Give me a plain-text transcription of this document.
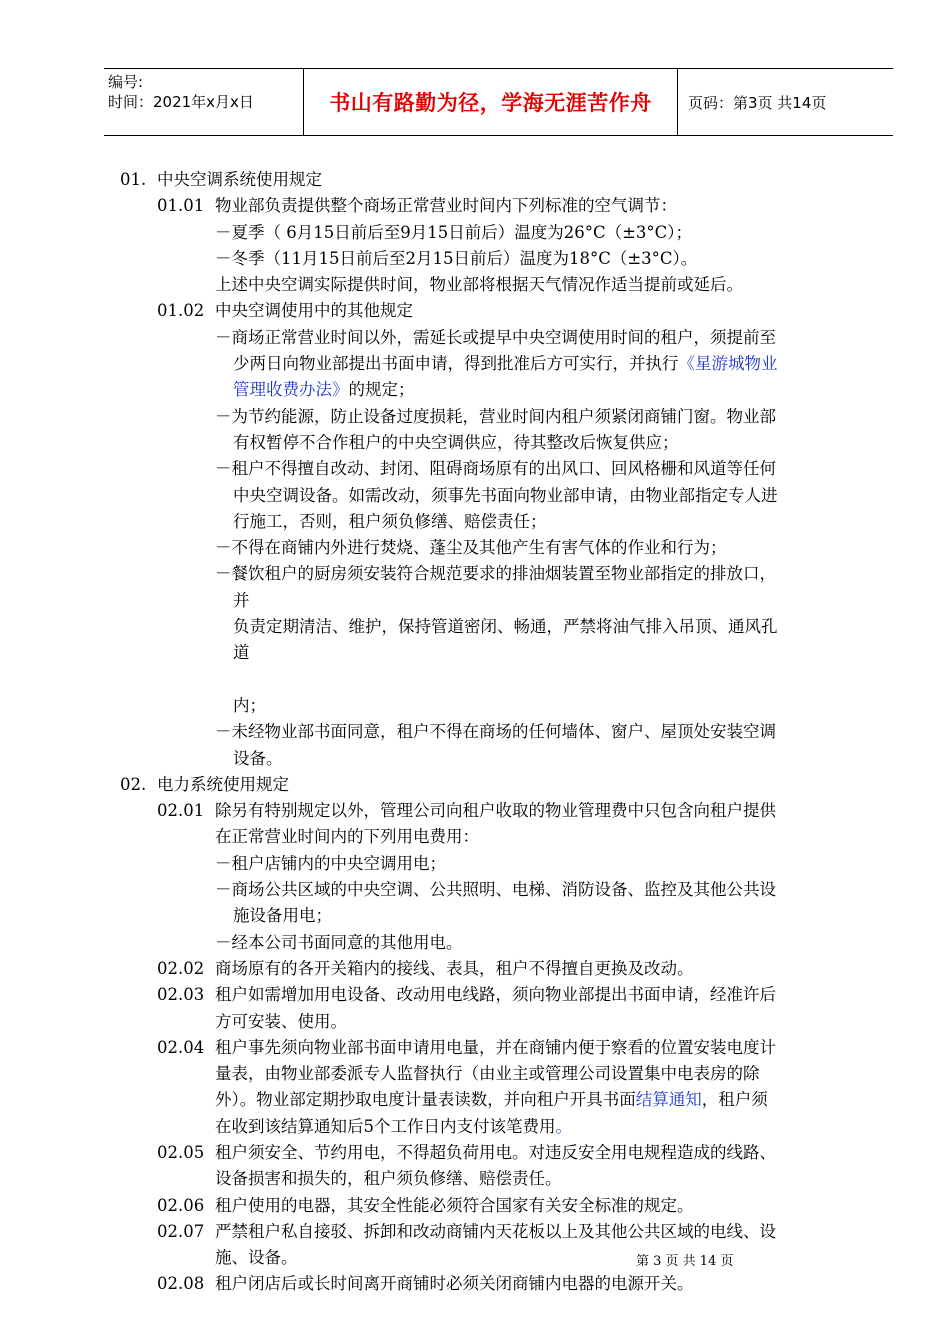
编号:
时间：2021年x月x日	书山有路勤为径，学海无涯苦作舟	页码：第3页 共14页
01. 中央空调系统使用规定
01.01 物业部负责提供整个商场正常营业时间内下列标准的空气调节：
－夏季（ 6月15日前后至9月15日前后）温度为26°C（±3°C）；
－冬季（11月15日前后至2月15日前后）温度为18°C（±3°C）。
上述中央空调实际提供时间，物业部将根据天气情况作适当提前或延后。
01.02 中央空调使用中的其他规定
－商场正常营业时间以外，需延长或提早中央空调使用时间的租户，须提前至
少两日向物业部提出书面申请，得到批准后方可实行，并执行《星游城物业
管理收费办法》的规定；
－为节约能源，防止设备过度损耗，营业时间内租户须紧闭商铺门窗。物业部
有权暂停不合作租户的中央空调供应，待其整改后恢复供应；
－租户不得擅自改动、封闭、阻碍商场原有的出风口、回风格栅和风道等任何
中央空调设备。如需改动，须事先书面向物业部申请，由物业部指定专人进
行施工，否则，租户须负修缮、赔偿责任；
－不得在商铺内外进行焚烧、蓬尘及其他产生有害气体的作业和行为；
－餐饮租户的厨房须安装符合规范要求的排油烟装置至物业部指定的排放口，
并
负责定期清洁、维护，保持管道密闭、畅通，严禁将油气排入吊顶、通风孔
道
内；
－未经物业部书面同意，租户不得在商场的任何墙体、窗户、屋顶处安装空调
设备。
02. 电力系统使用规定
02.01 除另有特别规定以外，管理公司向租户收取的物业管理费中只包含向租户提供
在正常营业时间内的下列用电费用：
－租户店铺内的中央空调用电；
－商场公共区域的中央空调、公共照明、电梯、消防设备、监控及其他公共设
施设备用电；
－经本公司书面同意的其他用电。
02.02 商场原有的各开关箱内的接线、表具，租户不得擅自更换及改动。
02.03 租户如需增加用电设备、改动用电线路，须向物业部提出书面申请，经准许后
方可安装、使用。
02.04 租户事先须向物业部书面申请用电量，并在商铺内便于察看的位置安装电度计
量表，由物业部委派专人监督执行（由业主或管理公司设置集中电表房的除
外）。物业部定期抄取电度计量表读数，并向租户开具书面结算通知，租户须
在收到该结算通知后5个工作日内支付该笔费用。
02.05 租户须安全、节约用电，不得超负荷用电。对违反安全用电规程造成的线路、
设备损害和损失的，租户须负修缮、赔偿责任。
02.06 租户使用的电器，其安全性能必须符合国家有关安全标准的规定。
02.07 严禁租户私自接驳、拆卸和改动商铺内天花板以上及其他公共区域的电线、设
施、设备。
02.08 租户闭店后或长时间离开商铺时必须关闭商铺内电器的电源开关。
第 3 页 共 14 页
